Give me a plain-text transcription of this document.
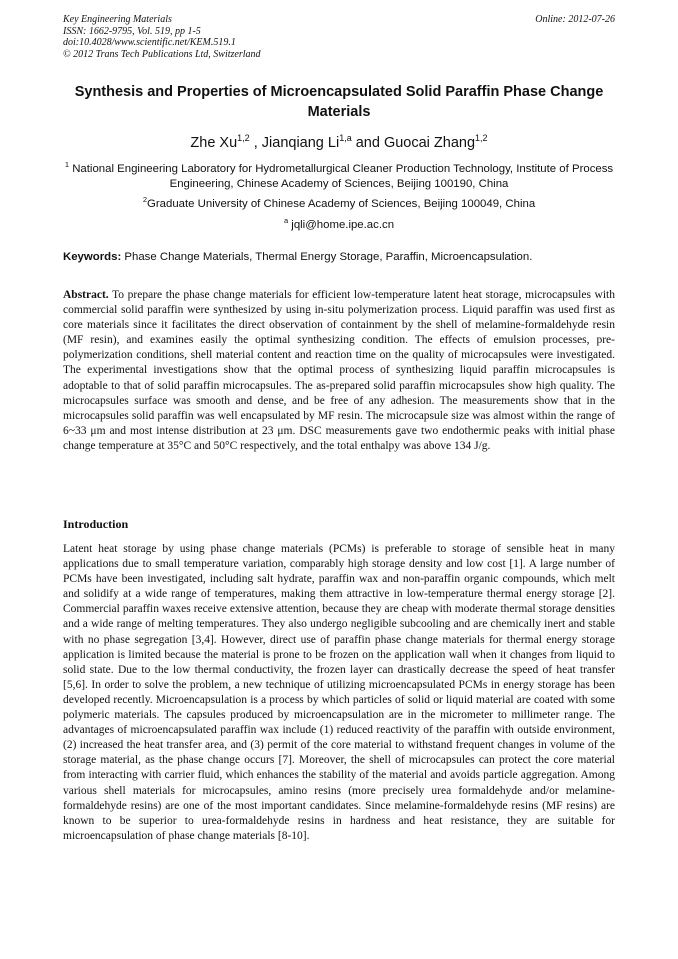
Key Engineering Materials
ISSN: 1662-9795, Vol. 519, pp 1-5
doi:10.4028/www.scientific.net/KEM.519.1
© 2012 Trans Tech Publications Ltd, Switzerland
Online: 2012-07-26
Synthesis and Properties of Microencapsulated Solid Paraffin Phase Change Materials
Zhe Xu$^{1,2}$ , Jianqiang Li$^{1,a}$ and Guocai Zhang$^{1,2}$
$^1$ National Engineering Laboratory for Hydrometallurgical Cleaner Production Technology, Institute of Process Engineering, Chinese Academy of Sciences, Beijing 100190, China
$^2$Graduate University of Chinese Academy of Sciences, Beijing 100049, China
$^a$ jqli@home.ipe.ac.cn
Keywords: Phase Change Materials, Thermal Energy Storage, Paraffin, Microencapsulation.
Abstract. To prepare the phase change materials for efficient low-temperature latent heat storage, microcapsules with commercial solid paraffin were synthesized by using in-situ polymerization process. Liquid paraffin was used first as core materials since it facilitates the direct observation of containment by the shell of melamine-formaldehyde resin (MF resin), and examines easily the optimal synthesizing condition. The effects of emulsion processes, pre-polymerization conditions, shell material content and reaction time on the quality of microcapsules were investigated. The experimental investigations show that the optimal process of synthesizing liquid paraffin microcapsules is adoptable to that of solid paraffin microcapsules. The as-prepared solid paraffin microcapsules show high quality. The microcapsules surface was smooth and dense, and be free of any adhesion. The measurements show that in the microcapsules solid paraffin was well encapsulated by MF resin. The microcapsule size was almost within the range of 6~33 μm and most intense distribution at 23 μm. DSC measurements gave two endothermic peaks with initial phase change temperature at 35°C and 50°C respectively, and the total enthalpy was above 134 J/g.
Introduction
Latent heat storage by using phase change materials (PCMs) is preferable to storage of sensible heat in many applications due to small temperature variation, comparably high storage density and low cost [1]. A large number of PCMs have been investigated, including salt hydrate, paraffin wax and non-paraffin organic compounds, which melt and solidify at a wide range of temperatures, making them attractive in low-temperature thermal energy storage [2]. Commercial paraffin waxes receive extensive attention, because they are cheap with moderate thermal storage densities and a wide range of melting temperatures. They also undergo negligible subcooling and are chemically inert and stable with no phase segregation [3,4]. However, direct use of paraffin phase change materials for thermal energy storage application is limited because the material is prone to be frozen on the application wall when it changes from liquid to solid state. Due to the low thermal conductivity, the frozen layer can drastically decrease the speed of heat transfer [5,6]. In order to solve the problem, a new technique of utilizing microencapsulated PCMs in energy storage has been developed recently. Microencapsulation is a process by which particles of solid or liquid material are coated with some polymeric materials. The capsules produced by microencapsulation are in the micrometer to millimeter range. The advantages of microencapsulated paraffin wax include (1) reduced reactivity of the paraffin with outside environment, (2) increased the heat transfer area, and (3) permit of the core material to withstand frequent changes in volume of the storage material, as the phase change occurs [7]. Moreover, the shell of microcapsules can protect the core material from interacting with carrier fluid, which enhances the stability of the material and avoids particle aggregation. Among various shell materials for microcapsules, amino resins (more precisely urea formaldehyde and/or melamine-formaldehyde resins) are one of the most important candidates. Since melamine-formaldehyde resins (MF resins) are known to be superior to urea-formaldehyde resins in hardness and heat resistance, they are suitable for microencapsulation of phase change materials [8-10].
